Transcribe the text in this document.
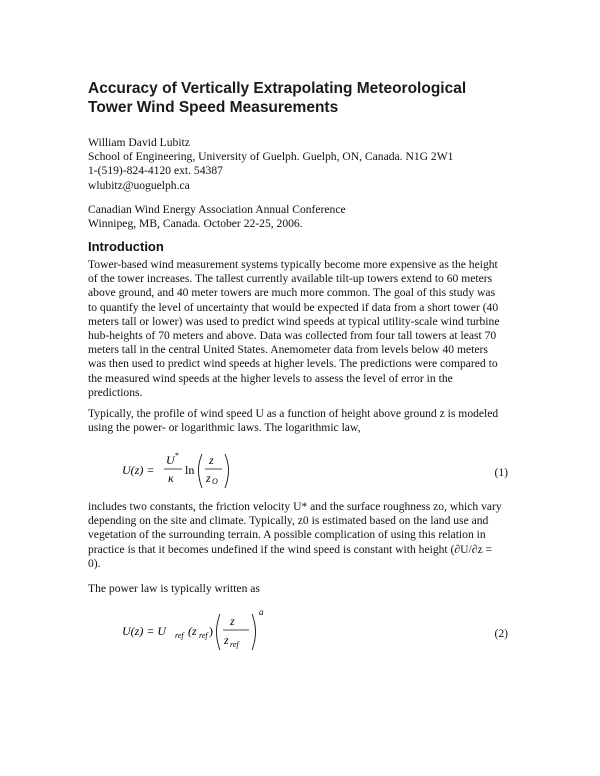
Accuracy of Vertically Extrapolating Meteorological
Tower Wind Speed Measurements
William David Lubitz
School of Engineering, University of Guelph. Guelph, ON, Canada. N1G 2W1
1-(519)-824-4120 ext. 54387
wlubitz@uoguelph.ca
Canadian Wind Energy Association Annual Conference
Winnipeg, MB, Canada. October 22-25, 2006.
Introduction
Tower-based wind measurement systems typically become more expensive as the height
of the tower increases. The tallest currently available tilt-up towers extend to 60 meters
above ground, and 40 meter towers are much more common. The goal of this study was
to quantify the level of uncertainty that would be expected if data from a short tower (40
meters tall or lower) was used to predict wind speeds at typical utility-scale wind turbine
hub-heights of 70 meters and above. Data was collected from four tall towers at least 70
meters tall in the central United States. Anemometer data from levels below 40 meters
was then used to predict wind speeds at higher levels. The predictions were compared to
the measured wind speeds at the higher levels to assess the level of error in the
predictions.
Typically, the profile of wind speed U as a function of height above ground z is modeled
using the power- or logarithmic laws. The logarithmic law,
U(z) =
U *
κ
ln
z
z O
(1)
includes two constants, the friction velocity U* and the surface roughness zo, which vary
depending on the site and climate. Typically, z0 is estimated based on the land use and
vegetation of the surrounding terrain. A possible complication of using this relation in
practice is that it becomes undefined if the wind speed is constant with height (∂U/∂z =
0).
The power law is typically written as
U(z) = U ref (z ref )
z
z ref
a
(2)
